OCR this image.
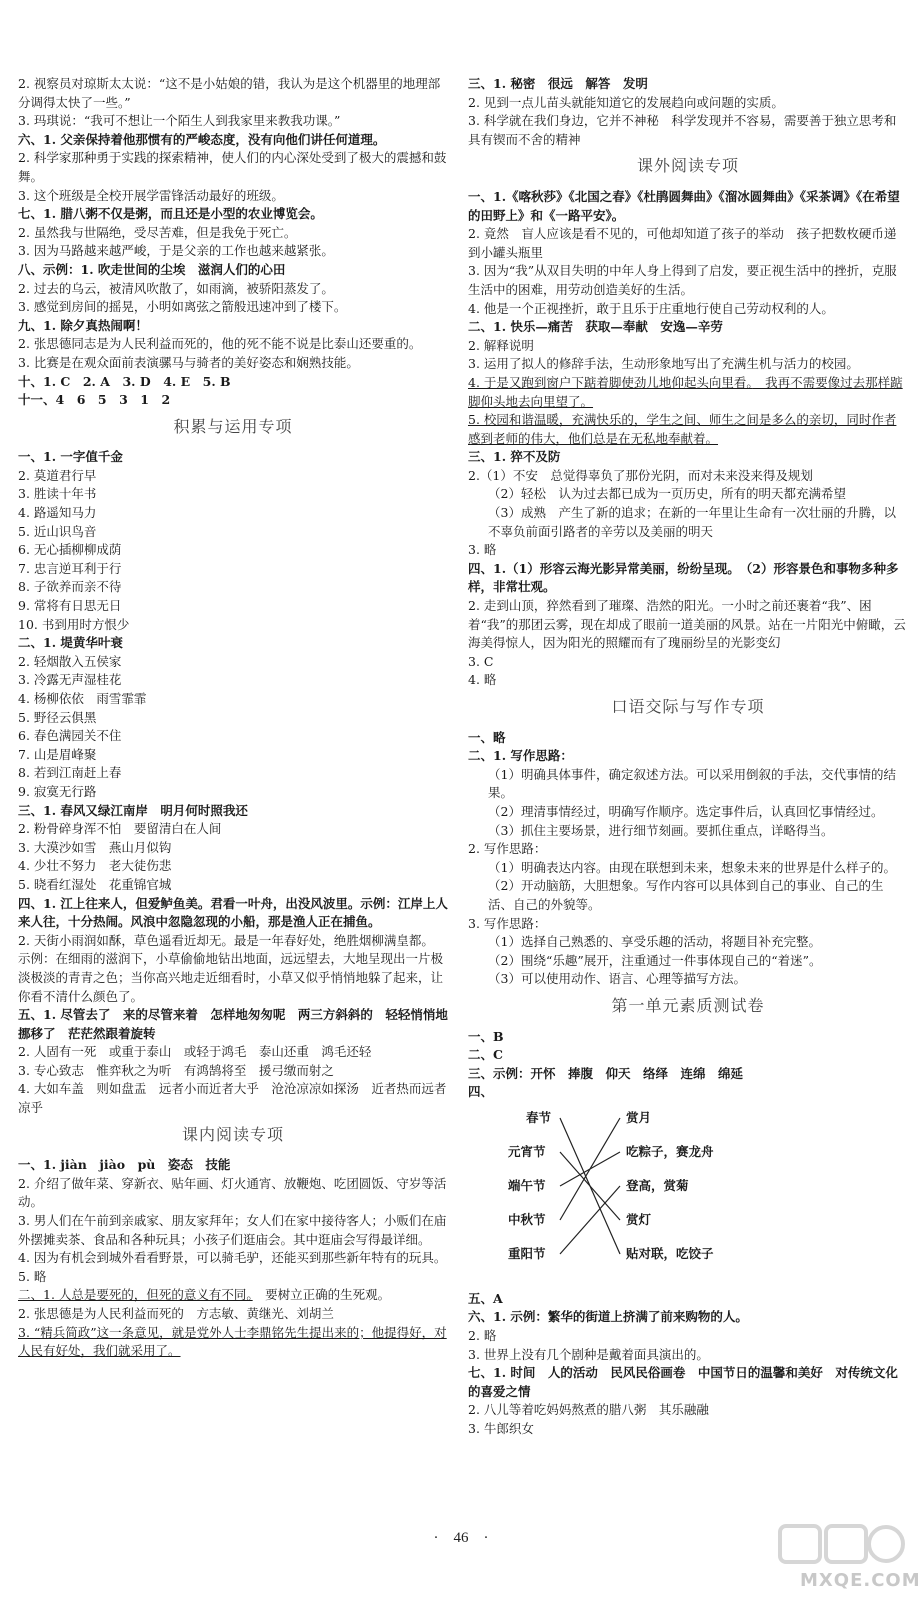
2. 视察员对琼斯太太说：“这不是小姑娘的错，我认为是这个机器里的地理部分调得太快了一些。”

3. 玛琪说：“我可不想让一个陌生人到我家里来教我功课。”

六、1. 父亲保持着他那惯有的严峻态度，没有向他们讲任何道理。

2. 科学家那种勇于实践的探索精神，使人们的内心深处受到了极大的震撼和鼓舞。

3. 这个班级是全校开展学雷锋活动最好的班级。

七、1. 腊八粥不仅是粥，而且还是小型的农业博览会。

2. 虽然我与世隔绝，受尽苦难，但是我免于死亡。

3. 因为马路越来越严峻，于是父亲的工作也越来越紧张。

八、示例：1. 吹走世间的尘埃　滋润人们的心田

2. 过去的乌云，被清风吹散了，如雨滴，被骄阳蒸发了。

3. 感觉到房间的摇晃，小明如离弦之箭般迅速冲到了楼下。

九、1. 除夕真热闹啊！

2. 张思德同志是为人民利益而死的，他的死不能不说是比泰山还要重的。

3. 比赛是在观众面前表演骡马与骑者的美好姿态和娴熟技能。

十、1. C　2. A　3. D　4. E　5. B

十一、4　6　5　3　1　2

积累与运用专项

一、1. 一字值千金

2. 莫道君行早

3. 胜读十年书

4. 路遥知马力

5. 近山识鸟音

6. 无心插柳柳成荫

7. 忠言逆耳利于行

8. 子欲养而亲不待

9. 常将有日思无日

10. 书到用时方恨少

二、1. 堤黄华叶衰

2. 轻烟散入五侯家

3. 冷露无声湿桂花

4. 杨柳依依　雨雪霏霏

5. 野径云俱黑

6. 春色满园关不住

7. 山是眉峰聚

8. 若到江南赶上春

9. 寂寞无行路

三、1. 春风又绿江南岸　明月何时照我还

2. 粉骨碎身浑不怕　要留清白在人间

3. 大漠沙如雪　燕山月似钩

4. 少壮不努力　老大徒伤悲

5. 晓看红湿处　花重锦官城

四、1. 江上往来人，但爱鲈鱼美。君看一叶舟，出没风波里。示例：江岸上人来人往，十分热闹。风浪中忽隐忽现的小船，那是渔人正在捕鱼。

2. 天街小雨润如酥，草色遥看近却无。最是一年春好处，绝胜烟柳满皇都。

示例：在细雨的滋润下，小草偷偷地钻出地面，远远望去，大地呈现出一片极淡极淡的青青之色；当你高兴地走近细看时，小草又似乎悄悄地躲了起来，让你看不清什么颜色了。

五、1. 尽管去了　来的尽管来着　怎样地匆匆呢　两三方斜斜的　轻轻悄悄地挪移了　茫茫然跟着旋转

2. 人固有一死　或重于泰山　或轻于鸿毛　泰山还重　鸿毛还轻

3. 专心致志　惟弈秋之为听　有鸿鹄将至　援弓缴而射之

4. 大如车盖　则如盘盂　远者小而近者大乎　沧沧凉凉如探汤　近者热而远者凉乎

课内阅读专项

一、1. jiàn　jiào　pù　姿态　技能

2. 介绍了做年菜、穿新衣、贴年画、灯火通宵、放鞭炮、吃团圆饭、守岁等活动。

3. 男人们在午前到亲戚家、朋友家拜年；女人们在家中接待客人；小贩们在庙外摆摊卖茶、食品和各种玩具；小孩子们逛庙会。其中逛庙会写得最详细。

4. 因为有机会到城外看看野景，可以骑毛驴，还能买到那些新年特有的玩具。

5. 略

二、1. 人总是要死的，但死的意义有不同。　要树立正确的生死观。

2. 张思德是为人民利益而死的　方志敏、黄继光、刘胡兰

3. “精兵简政”这一条意见，就是党外人士李鼎铭先生提出来的；他提得好，对人民有好处，我们就采用了。

三、1. 秘密　很远　解答　发明

2. 见到一点儿苗头就能知道它的发展趋向或问题的实质。

3. 科学就在我们身边，它并不神秘　科学发现并不容易，需要善于独立思考和具有锲而不舍的精神

课外阅读专项

一、1.《喀秋莎》《北国之春》《杜鹃圆舞曲》《溜冰圆舞曲》《采茶调》《在希望的田野上》和《一路平安》。

2. 竟然　盲人应该是看不见的，可他却知道了孩子的举动　孩子把数枚硬币递到小罐头瓶里

3. 因为“我”从双目失明的中年人身上得到了启发，要正视生活中的挫折，克服生活中的困难，用劳动创造美好的生活。

4. 他是一个正视挫折，敢于且乐于庄重地行使自己劳动权利的人。

二、1. 快乐—痛苦　获取—奉献　安逸—辛劳

2. 解释说明

3. 运用了拟人的修辞手法，生动形象地写出了充满生机与活力的校园。

4. 于是又跑到窗户下踮着脚使劲儿地仰起头向里看。　我再不需要像过去那样踮脚仰头地去向里望了。

5. 校园和谐温暖，充满快乐的，学生之间、师生之间是多么的亲切，同时作者感到老师的伟大，他们总是在无私地奉献着。

三、1. 猝不及防

2.（1）不安　总觉得辜负了那份光阴，而对未来没来得及规划

（2）轻松　认为过去都已成为一页历史，所有的明天都充满希望

（3）成熟　产生了新的追求；在新的一年里让生命有一次壮丽的升腾，以不辜负前面引路者的辛劳以及美丽的明天

3. 略

四、1.（1）形容云海光影异常美丽，纷纷呈现。　（2）形容景色和事物多种多样，非常壮观。

2. 走到山顶，猝然看到了璀璨、浩然的阳光。一小时之前还裹着“我”、困着“我”的那团云雾，现在却成了眼前一道美丽的风景。站在一片阳光中俯瞰，云海美得惊人，因为阳光的照耀而有了瑰丽纷呈的光影变幻

3. C

4. 略

口语交际与写作专项

一、略

二、1. 写作思路：

（1）明确具体事件，确定叙述方法。可以采用倒叙的手法，交代事情的结果。

（2）理清事情经过，明确写作顺序。选定事件后，认真回忆事情经过。

（3）抓住主要场景，进行细节刻画。要抓住重点，详略得当。

2. 写作思路：

（1）明确表达内容。由现在联想到未来，想象未来的世界是什么样子的。

（2）开动脑筋，大胆想象。写作内容可以具体到自己的事业、自己的生活、自己的外貌等。

3. 写作思路：

（1）选择自己熟悉的、享受乐趣的活动，将题目补充完整。

（2）围绕“乐趣”展开，注重通过一件事体现自己的“着迷”。

（3）可以使用动作、语言、心理等描写方法。

第一单元素质测试卷

一、B

二、C

三、示例：开怀　捧腹　仰天　络绎　连绵　绵延

四、

春节
元宵节
端午节
中秋节
重阳节
赏月
吃粽子，赛龙舟
登高，赏菊
赏灯
贴对联，吃饺子

五、A

六、1. 示例：繁华的街道上挤满了前来购物的人。

2. 略

3. 世界上没有几个剧种是戴着面具演出的。

七、1. 时间　人的活动　民风民俗画卷　中国节日的温馨和美好　对传统文化的喜爱之情

2. 八儿等着吃妈妈熬煮的腊八粥　其乐融融

3. 牛郎织女

·　46　·
MXQE.COM
